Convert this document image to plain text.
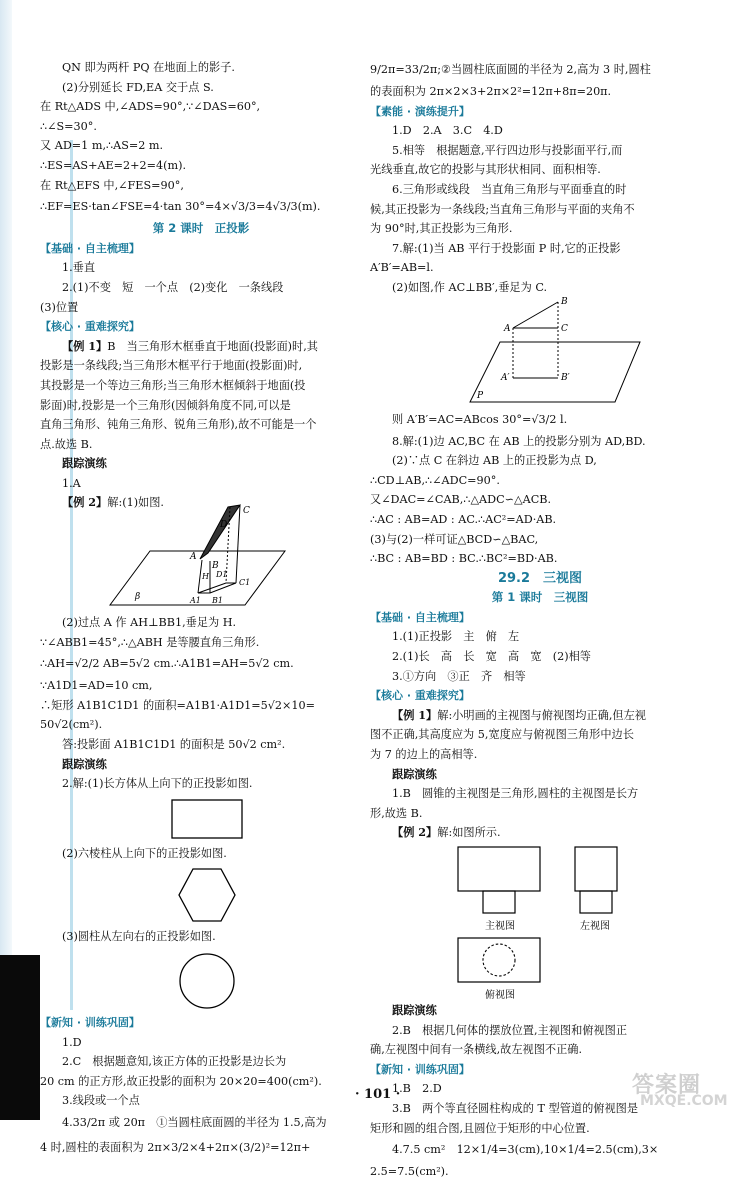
QN 即为两杆 PQ 在地面上的影子.

(2)分别延长 FD,EA 交于点 S.

在 Rt△ADS 中,∠ADS=90°,∵∠DAS=60°,

∴∠S=30°.

又 AD=1 m,∴AS=2 m.

∴ES=AS+AE=2+2=4(m).

在 Rt△EFS 中,∠FES=90°,

∴EF=ES·tan∠FSE=4·tan 30°=4×√3/3=4√3/3(m).

第 2 课时　正投影

【基础 · 自主梳理】

1.垂直

2.(1)不变　短　一个点　(2)变化　一条线段

(3)位置

【核心 · 重难探究】

【例 1】B　当三角形木框垂直于地面(投影面)时,其

投影是一条线段;当三角形木框平行于地面(投影面)时,

其投影是一个等边三角形;当三角形木框倾斜于地面(投

影面)时,投影是一个三角形(因倾斜角度不同,可以是

直角三角形、钝角三角形、锐角三角形),故不可能是一个

点.故选 B.

跟踪演练

1.A

【例 2】解:(1)如图.

A
B
C
D
D1
C1
A1 B1
H
β

(2)过点 A 作 AH⊥BB1,垂足为 H.

∵∠ABB1=45°,∴△ABH 是等腰直角三角形.

∴AH=√2/2 AB=5√2 cm.∴A1B1=AH=5√2 cm.

∵A1D1=AD=10 cm,

∴矩形 A1B1C1D1 的面积=A1B1·A1D1=5√2×10=

50√2(cm²).

答:投影面 A1B1C1D1 的面积是 50√2 cm².

跟踪演练

2.解:(1)长方体从上向下的正投影如图.

(2)六棱柱从上向下的正投影如图.

(3)圆柱从左向右的正投影如图.

【新知 · 训练巩固】

1.D

2.C　根据题意知,该正方体的正投影是边长为

20 cm 的正方形,故正投影的面积为 20×20=400(cm²).

3.线段或一个点

4.33/2π 或 20π　①当圆柱底面圆的半径为 1.5,高为

4 时,圆柱的表面积为 2π×3/2×4+2π×(3/2)²=12π+

9/2π=33/2π;②当圆柱底面圆的半径为 2,高为 3 时,圆柱

的表面积为 2π×2×3+2π×2²=12π+8π=20π.

【素能 · 演练提升】

1.D　2.A　3.C　4.D

5.相等　根据题意,平行四边形与投影面平行,而

光线垂直,故它的投影与其形状相同、面积相等.

6.三角形或线段　当直角三角形与平面垂直的时

候,其正投影为一条线段;当直角三角形与平面的夹角不

为 90°时,其正投影为三角形.

7.解:(1)当 AB 平行于投影面 P 时,它的正投影

A′B′=AB=l.

(2)如图,作 AC⊥BB′,垂足为 C.

A
B
C
A′	B′
P

则 A′B′=AC=ABcos 30°=√3/2 l.

8.解:(1)边 AC,BC 在 AB 上的投影分别为 AD,BD.

(2)∵点 C 在斜边 AB 上的正投影为点 D,

∴CD⊥AB,∴∠ADC=90°.

又∠DAC=∠CAB,∴△ADC∽△ACB.

∴AC : AB=AD : AC.∴AC²=AD·AB.

(3)与(2)一样可证△BCD∽△BAC,

∴BC : AB=BD : BC.∴BC²=BD·AB.

29.2　三视图

第 1 课时　三视图

【基础 · 自主梳理】

1.(1)正投影　主　俯　左

2.(1)长　高　长　宽　高　宽　(2)相等

3.①方向　③正　齐　相等

【核心 · 重难探究】

【例 1】解:小明画的主视图与俯视图均正确,但左视

图不正确,其高度应为 5,宽度应与俯视图三角形中边长

为 7 的边上的高相等.

跟踪演练

1.B　圆锥的主视图是三角形,圆柱的主视图是长方

形,故选 B.

【例 2】解:如图所示.

主视图	左视图
俯视图

跟踪演练

2.B　根据几何体的摆放位置,主视图和俯视图正

确,左视图中间有一条横线,故左视图不正确.

【新知 · 训练巩固】

1.B　2.D

3.B　两个等直径圆柱构成的 T 型管道的俯视图是

矩形和圆的组合图,且圆位于矩形的中心位置.

4.7.5 cm²　12×1/4=3(cm),10×1/4=2.5(cm),3×

2.5=7.5(cm²).

· 101 ·	答案圈
MXQE.COM
